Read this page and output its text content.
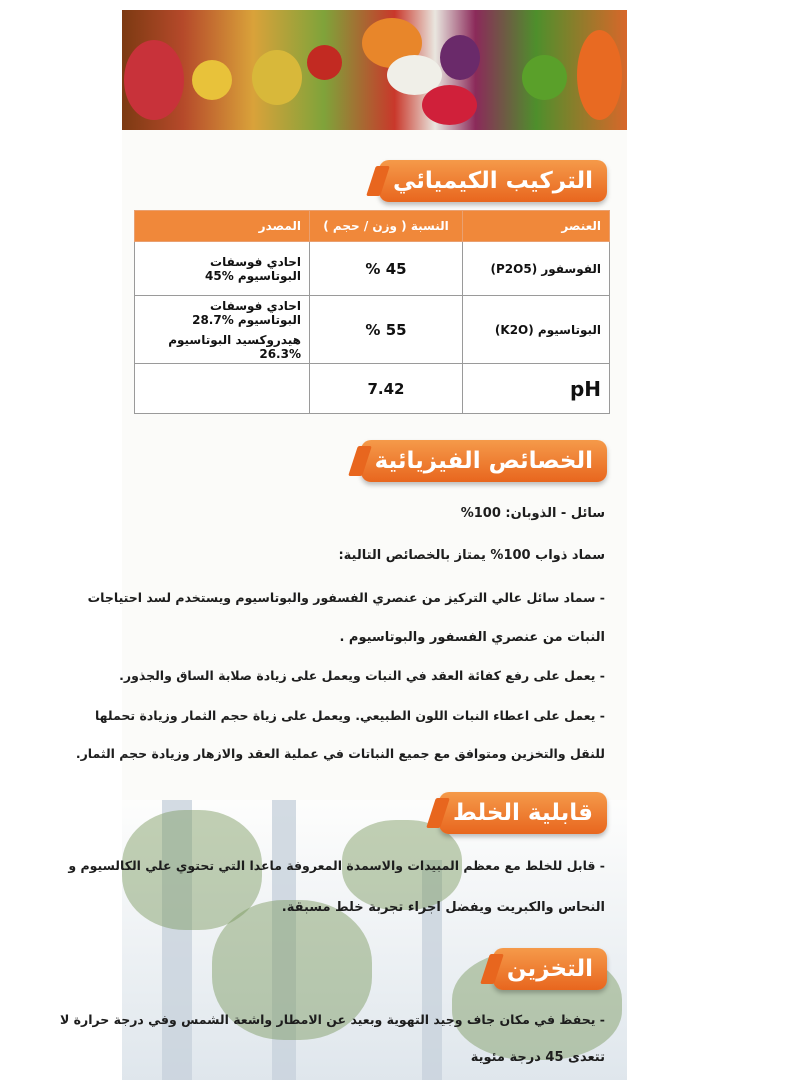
التركيب الكيميائي
العنصر	النسبة ( وزن / حجم )	المصدر
الفوسفور (P2O5)	45 %	احادي فوسفات البوتاسيوم %45

البوتاسيوم (K2O)	55 %	احادي فوسفات البوتاسيوم %28.7
هيدروكسيد البوتاسيوم %26.3

pH	7.42	
الخصائص الفيزيائية
سائل - الذوبان: 100%
سماد ذواب 100% يمتاز بالخصائص التالية:
- سماد سائل عالي التركيز من عنصري الفسفور والبوتاسيوم ويستخدم لسد احتياجات
النبات من عنصري الفسفور والبوتاسيوم .
- يعمل على رفع كفائة العقد في النبات ويعمل على زيادة صلابة الساق والجذور.
- يعمل على اعطاء النبات اللون الطبيعي. ويعمل على زياة حجم الثمار وزيادة تحملها
للنقل والتخزين ومتوافق مع جميع النباتات في عملية العقد والازهار وزيادة حجم الثمار.
قابلية الخلط
- قابل للخلط مع معظم المبيدات والاسمدة المعروفة ماعدا التي تحتوي علي الكالسيوم و
النحاس والكبريت ويفضل اجراء تجربة خلط مسبقة.
التخزين
- يحفظ في مكان جاف وجيد التهوية وبعيد عن الامطار واشعة الشمس وفي درجة حرارة لا
تتعدى 45 درجة مئوية
